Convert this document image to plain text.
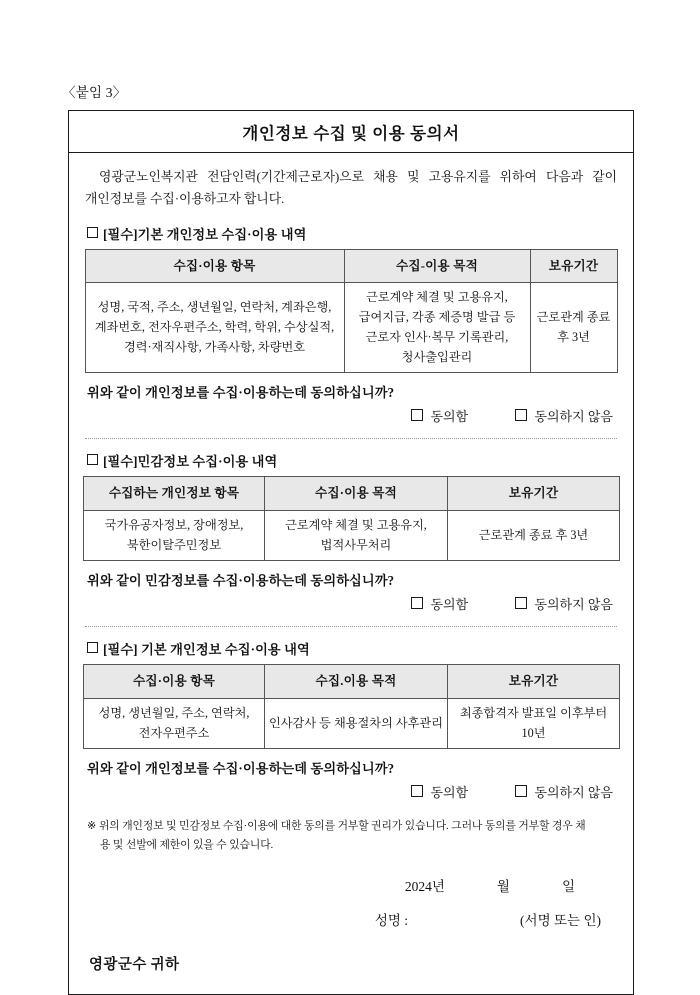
〈붙임 3〉
개인정보 수집 및 이용 동의서

영광군노인복지관 전담인력(기간제근로자)으로 채용 및 고용유지를 위하여 다음과 같이 개인정보를 수집·이용하고자 합니다.

[필수]기본 개인정보 수집·이용 내역
수집·이용 항목	수집-이용 목적	보유기간
성명, 국적, 주소, 생년월일, 연락처, 계좌은행, 계좌번호, 전자우편주소, 학력, 학위, 수상실적, 경력·재직사항, 가족사항, 차량번호	근로계약 체결 및 고용유지, 급여지급, 각종 제증명 발급 등 근로자 인사·복무 기록관리, 청사출입관리	근로관계 종료 후 3년
위와 같이 개인정보를 수집·이용하는데 동의하십니까?
동의함	동의하지 않음
[필수]민감정보 수집·이용 내역
수집하는 개인정보 항목	수집·이용 목적	보유기간
국가유공자정보, 장애정보, 북한이탈주민정보	근로계약 체결 및 고용유지, 법적사무처리	근로관계 종료 후 3년
위와 같이 민감정보를 수집·이용하는데 동의하십니까?
동의함	동의하지 않음
[필수] 기본 개인정보 수집·이용 내역
수집·이용 항목	수집.이용 목적	보유기간
성명, 생년월일, 주소, 연락처, 전자우편주소	인사감사 등 채용절차의 사후관리	최종합격자 발표일 이후부터 10년
위와 같이 개인정보를 수집·이용하는데 동의하십니까?
동의함	동의하지 않음
※ 위의 개인정보 및 민감정보 수집·이용에 대한 동의를 거부할 권리가 있습니다. 그러나 동의를 거부할 경우 채
용 및 선발에 제한이 있을 수 있습니다.
2024년	월	일
성명 :	(서명 또는 인)
영광군수 귀하
